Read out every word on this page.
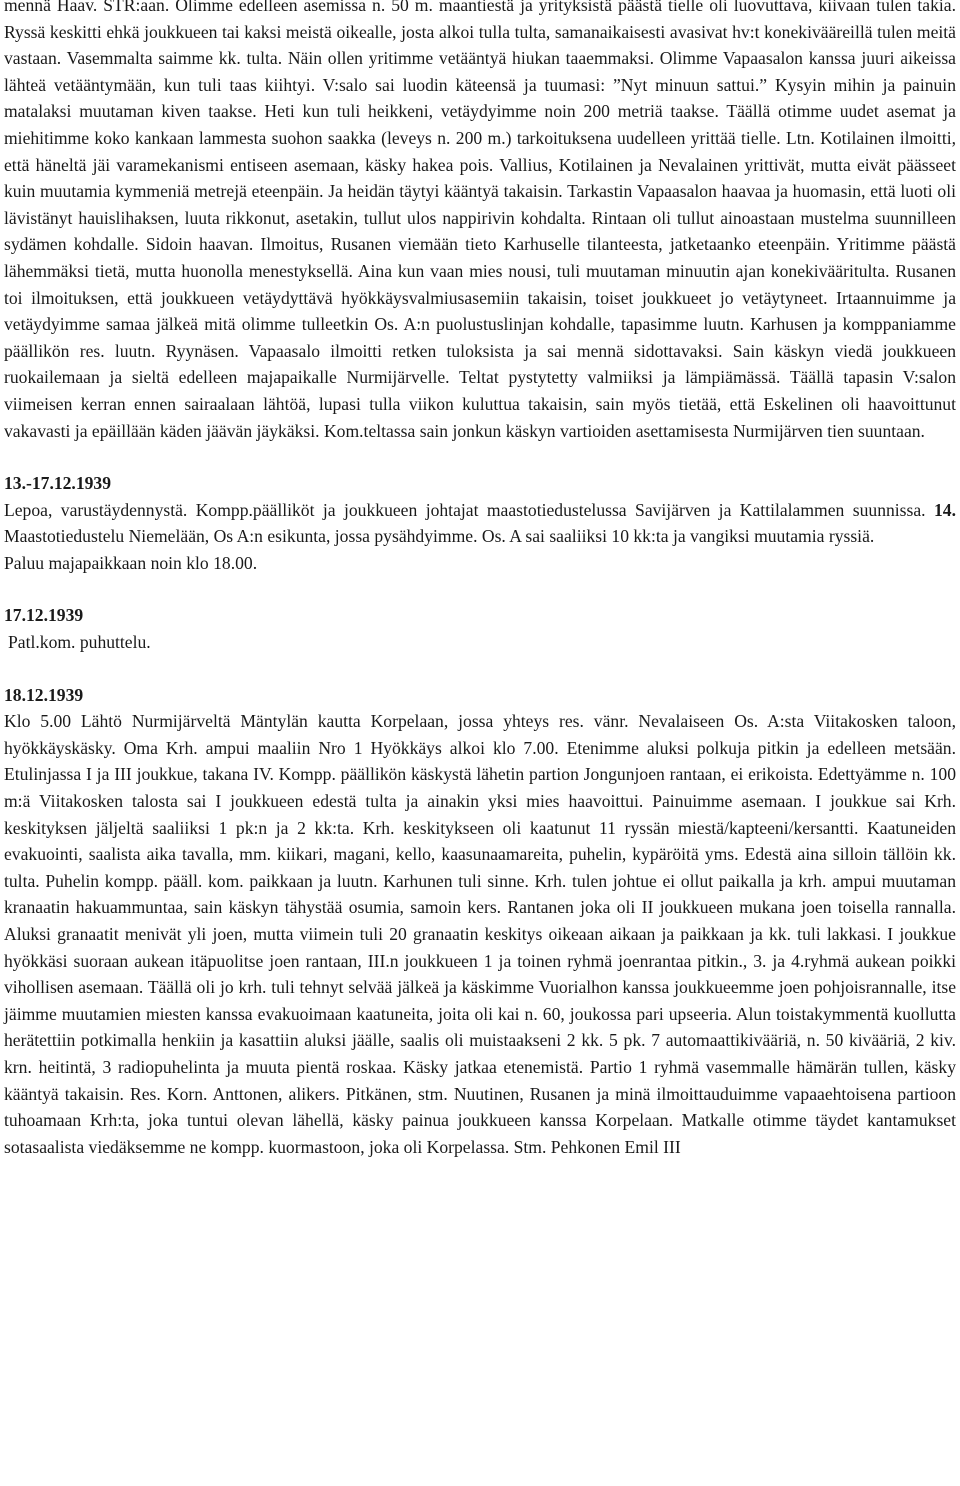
mennä Haav. STR:aan. Olimme edelleen asemissa n. 50 m. maantiestä ja yrityksistä päästä tielle oli luovuttava, kiivaan tulen takia. Ryssä keskitti ehkä joukkueen tai kaksi meistä oikealle, josta alkoi tulla tulta, samanaikaisesti avasivat hv:t konekivääreillä tulen meitä vastaan. Vasemmalta saimme kk. tulta. Näin ollen yritimme vetääntyä hiukan taaemmaksi. Olimme Vapaasalon kanssa juuri aikeissa lähteä vetääntymään, kun tuli taas kiihtyi. V:salo sai luodin käteensä ja tuumasi: ”Nyt minuun sattui.” Kysyin mihin ja painuin matalaksi muutaman kiven taakse. Heti kun tuli heikkeni, vetäydyimme noin 200 metriä taakse. Täällä otimme uudet asemat ja miehitimme koko kankaan lammesta suohon saakka (leveys n. 200 m.) tarkoituksena uudelleen yrittää tielle. Ltn. Kotilainen ilmoitti, että häneltä jäi varamekanismi entiseen asemaan, käsky hakea pois. Vallius, Kotilainen ja Nevalainen yrittivät, mutta eivät päässeet kuin muutamia kymmeniä metrejä eteenpäin. Ja heidän täytyi kääntyä takaisin. Tarkastin Vapaasalon haavaa ja huomasin, että luoti oli lävistänyt hauislihaksen, luuta rikkonut, asetakin, tullut ulos nappirivin kohdalta. Rintaan oli tullut ainoastaan mustelma suunnilleen sydämen kohdalle. Sidoin haavan. Ilmoitus, Rusanen viemään tieto Karhuselle tilanteesta, jatketaanko eteenpäin. Yritimme päästä lähemmäksi tietä, mutta huonolla menestyksellä. Aina kun vaan mies nousi, tuli muutaman minuutin ajan konekivääritulta. Rusanen toi ilmoituksen, että joukkueen vetäydyttävä hyökkäysvalmiusasemiin takaisin, toiset joukkueet jo vetäytyneet. Irtaannuimme ja vetäydyimme samaa jälkeä mitä olimme tulleetkin Os. A:n puolustuslinjan kohdalle, tapasimme luutn. Karhusen ja komppaniamme päällikön res. luutn. Ryynäsen. Vapaasalo ilmoitti retken tuloksista ja sai mennä sidottavaksi. Sain käskyn viedä joukkueen ruokailemaan ja sieltä edelleen majapaikalle Nurmijärvelle. Teltat pystytetty valmiiksi ja lämpiämässä. Täällä tapasin V:salon viimeisen kerran ennen sairaalaan lähtöä, lupasi tulla viikon kuluttua takaisin, sain myös tietää, että Eskelinen oli haavoittunut vakavasti ja epäillään käden jäävän jäykäksi. Kom.teltassa sain jonkun käskyn vartioiden asettamisesta Nurmijärven tien suuntaan.

13.-17.12.1939

Lepoa, varustäydennystä. Kompp.päälliköt ja joukkueen johtajat maastotiedustelussa Savijärven ja Kattilalammen suunnissa. 14. Maastotiedustelu Niemelään, Os A:n esikunta, jossa pysähdyimme. Os. A sai saaliiksi 10 kk:ta ja vangiksi muutamia ryssiä.

Paluu majapaikkaan noin klo 18.00.

17.12.1939

Patl.kom. puhuttelu.

18.12.1939

Klo 5.00 Lähtö Nurmijärveltä Mäntylän kautta Korpelaan, jossa yhteys res. vänr. Nevalaiseen Os. A:sta Viitakosken taloon, hyökkäyskäsky. Oma Krh. ampui maaliin Nro 1 Hyökkäys alkoi klo 7.00. Etenimme aluksi polkuja pitkin ja edelleen metsään. Etulinjassa I ja III joukkue, takana IV. Kompp. päällikön käskystä lähetin partion Jongunjoen rantaan, ei erikoista. Edettyämme n. 100 m:ä Viitakosken talosta sai I joukkueen edestä tulta ja ainakin yksi mies haavoittui. Painuimme asemaan. I joukkue sai Krh. keskityksen jäljeltä saaliiksi 1 pk:n ja 2 kk:ta. Krh. keskitykseen oli kaatunut 11 ryssän miestä/kapteeni/kersantti. Kaatuneiden evakuointi, saalista aika tavalla, mm. kiikari, magani, kello, kaasunaamareita, puhelin, kypäröitä yms. Edestä aina silloin tällöin kk. tulta. Puhelin kompp. pääll. kom. paikkaan ja luutn. Karhunen tuli sinne. Krh. tulen johtue ei ollut paikalla ja krh. ampui muutaman kranaatin hakuammuntaa, sain käskyn tähystää osumia, samoin kers. Rantanen joka oli II joukkueen mukana joen toisella rannalla. Aluksi granaatit menivät yli joen, mutta viimein tuli 20 granaatin keskitys oikeaan aikaan ja paikkaan ja kk. tuli lakkasi. I joukkue hyökkäsi suoraan aukean itäpuolitse joen rantaan, III.n joukkueen 1 ja toinen ryhmä joenrantaa pitkin., 3. ja 4.ryhmä aukean poikki vihollisen asemaan. Täällä oli jo krh. tuli tehnyt selvää jälkeä ja käskimme Vuorialhon kanssa joukkueemme joen pohjoisrannalle, itse jäimme muutamien miesten kanssa evakuoimaan kaatuneita, joita oli kai n. 60, joukossa pari upseeria. Alun toistakymmentä kuollutta herätettiin potkimalla henkiin ja kasattiin aluksi jäälle, saalis oli muistaakseni 2 kk. 5 pk. 7 automaattikivääriä, n. 50 kivääriä, 2 kiv. krn. heitintä, 3 radiopuhelinta ja muuta pientä roskaa. Käsky jatkaa etenemistä. Partio 1 ryhmä vasemmalle hämärän tullen, käsky kääntyä takaisin. Res. Korn. Anttonen, alikers. Pitkänen, stm. Nuutinen, Rusanen ja minä ilmoittauduimme vapaaehtoisena partioon tuhoamaan Krh:ta, joka tuntui olevan lähellä, käsky painua joukkueen kanssa Korpelaan. Matkalle otimme täydet kantamukset sotasaalista viedäksemme ne kompp. kuormastoon, joka oli Korpelassa. Stm. Pehkonen Emil III
